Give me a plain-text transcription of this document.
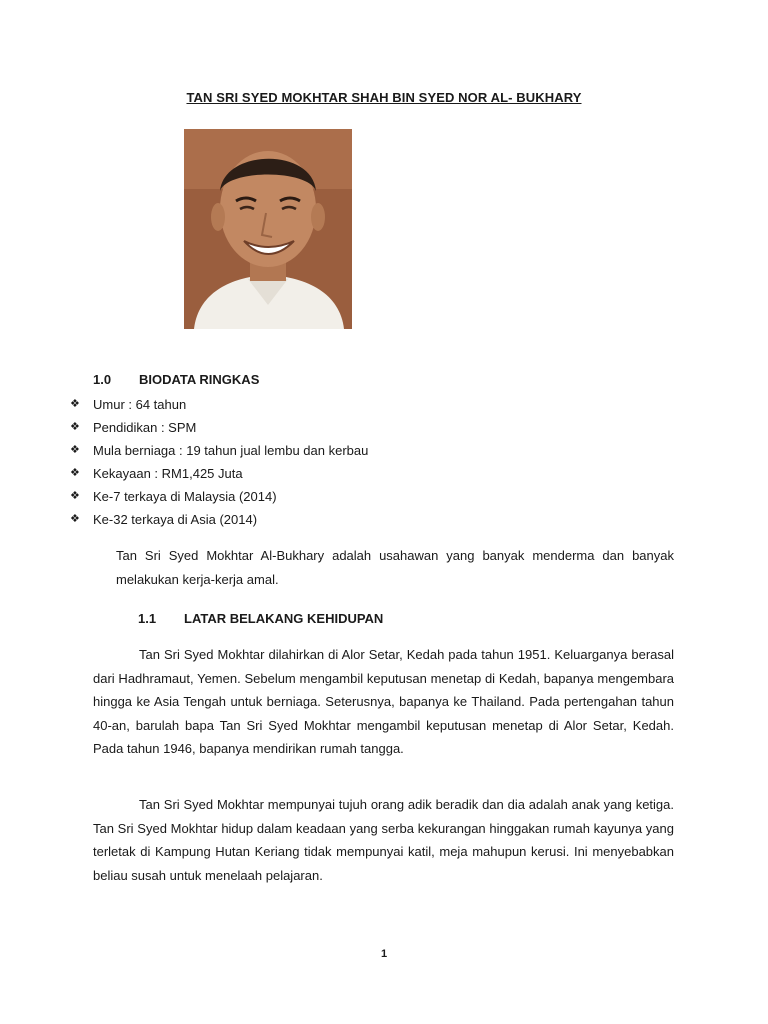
TAN SRI SYED MOKHTAR SHAH BIN SYED NOR AL- BUKHARY
1.0 BIODATA RINGKAS
❖	Umur : 64 tahun
❖	Pendidikan : SPM
❖	Mula berniaga : 19 tahun jual lembu dan kerbau
❖	Kekayaan : RM1,425 Juta
❖	Ke-7 terkaya di Malaysia (2014)
❖	Ke-32 terkaya di Asia (2014)

Tan Sri Syed Mokhtar Al-Bukhary adalah usahawan yang banyak menderma dan banyak melakukan kerja-kerja amal.

1.1 LATAR BELAKANG KEHIDUPAN

Tan Sri Syed Mokhtar dilahirkan di Alor Setar, Kedah pada tahun 1951. Keluarganya berasal dari Hadhramaut, Yemen. Sebelum mengambil keputusan menetap di Kedah, bapanya mengembara hingga ke Asia Tengah untuk berniaga. Seterusnya, bapanya ke Thailand. Pada pertengahan tahun 40-an, barulah bapa Tan Sri Syed Mokhtar mengambil keputusan menetap di Alor Setar, Kedah. Pada tahun 1946, bapanya mendirikan rumah tangga.

Tan Sri Syed Mokhtar mempunyai tujuh orang adik beradik dan dia adalah anak yang ketiga. Tan Sri Syed Mokhtar hidup dalam keadaan yang serba kekurangan hinggakan rumah kayunya yang terletak di Kampung Hutan Keriang tidak mempunyai katil, meja mahupun kerusi. Ini menyebabkan beliau susah untuk menelaah pelajaran.

1
